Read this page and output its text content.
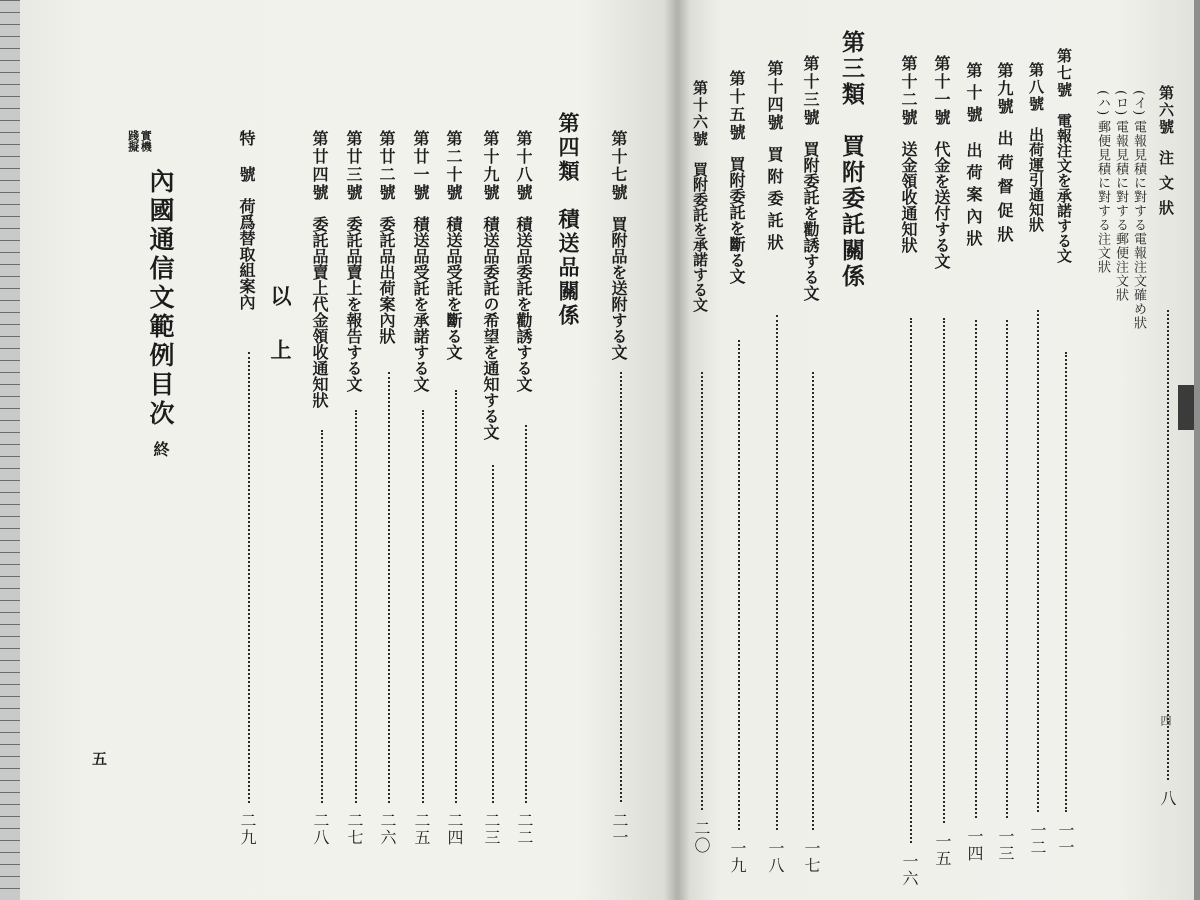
第十七號買附品を送附する文
二一
第四類　積送品關係
第十八號積送品委託を勸誘する文
二二
第十九號積送品委託の希望を通知する文
二三
第二十號積送品受託を斷る文
二四
第廿一號積送品受託を承諾する文
二五
第廿二號委託品出荷案內狀
二六
第廿三號委託品賣上を報告する文
二七
第廿四號委託品賣上代金領收通知狀
二八
以　上
特　號荷爲替取組案內
二九
實機
踐擬
內國通信文範例目次終
五
第六號注文狀
八
四
(イ)電報見積に對する電報注文確め狀
(ロ)電報見積に對する郵便注文狀
(ハ)郵便見積に對する注文狀
第七號電報注文を承諾する文
一一
第八號出荷運引通知狀
一二
第九號出荷督促狀
一三
第十號出荷案內狀
一四
第十一號代金を送付する文
一五
第十二號送金領收通知狀
一六
第三類　買附委託關係
第十三號買附委託を勸誘する文
一七
第十四號買附委託狀
一八
第十五號買附委託を斷る文
一九
第十六號買附委託を承諾する文
二〇
